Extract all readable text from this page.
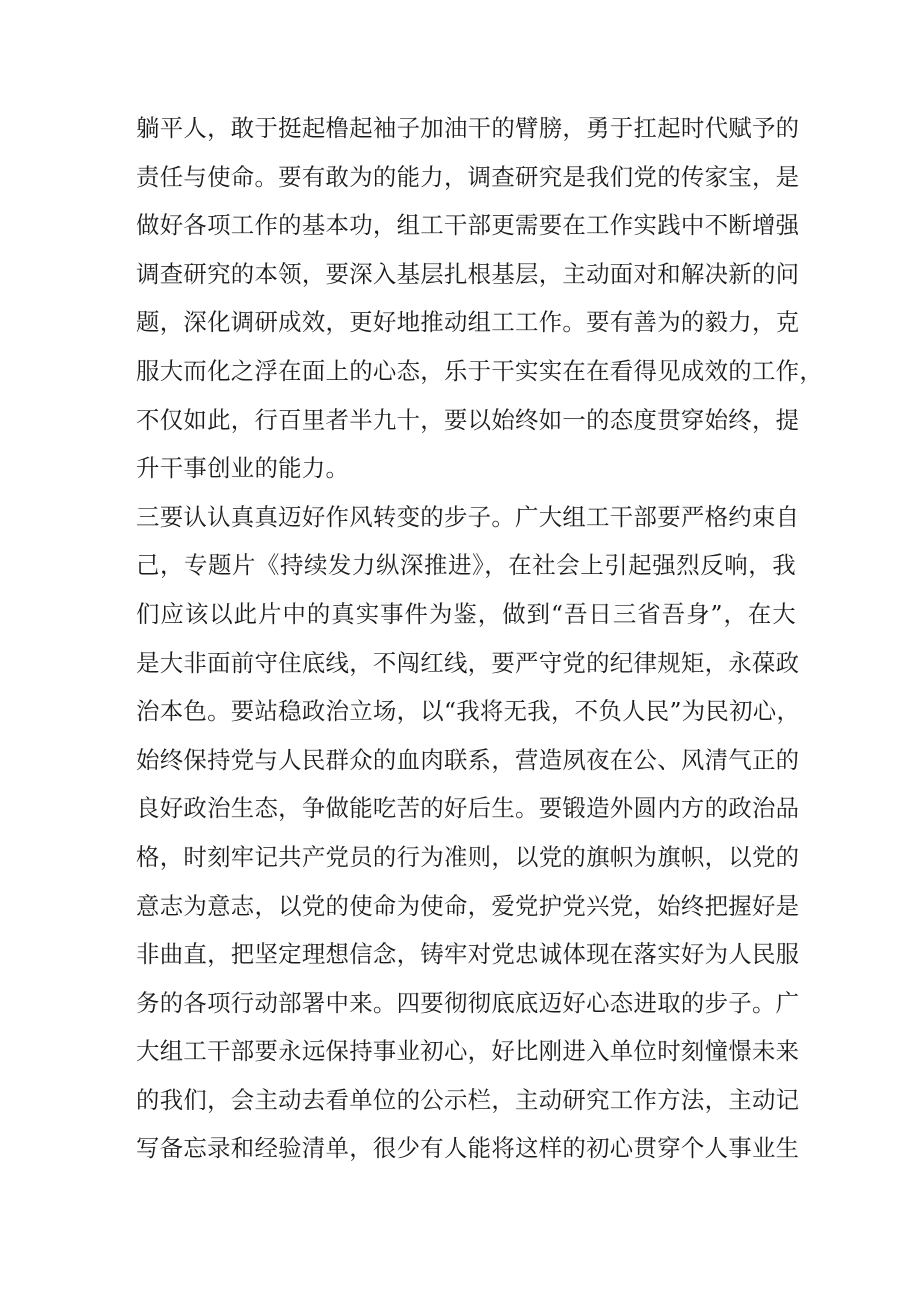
躺平人，敢于挺起橹起袖子加油干的臂膀，勇于扛起时代赋予的
责任与使命。要有敢为的能力，调查研究是我们党的传家宝，是
做好各项工作的基本功，组工干部更需要在工作实践中不断增强
调查研究的本领，要深入基层扎根基层，主动面对和解决新的问
题，深化调研成效，更好地推动组工工作。要有善为的毅力，克
服大而化之浮在面上的心态，乐于干实实在在看得见成效的工作，
不仅如此，行百里者半九十，要以始终如一的态度贯穿始终，提
升干事创业的能力。
三要认认真真迈好作风转变的步子。广大组工干部要严格约束自
己，专题片《持续发力纵深推进》，在社会上引起强烈反响，我
们应该以此片中的真实事件为鉴，做到“吾日三省吾身”，在大
是大非面前守住底线，不闯红线，要严守党的纪律规矩，永葆政
治本色。要站稳政治立场，以“我将无我，不负人民”为民初心，
始终保持党与人民群众的血肉联系，营造夙夜在公、风清气正的
良好政治生态，争做能吃苦的好后生。要锻造外圆内方的政治品
格，时刻牢记共产党员的行为准则，以党的旗帜为旗帜，以党的
意志为意志，以党的使命为使命，爱党护党兴党，始终把握好是
非曲直，把坚定理想信念，铸牢对党忠诚体现在落实好为人民服
务的各项行动部署中来。四要彻彻底底迈好心态进取的步子。广
大组工干部要永远保持事业初心，好比刚进入单位时刻憧憬未来
的我们，会主动去看单位的公示栏，主动研究工作方法，主动记
写备忘录和经验清单，很少有人能将这样的初心贯穿个人事业生
